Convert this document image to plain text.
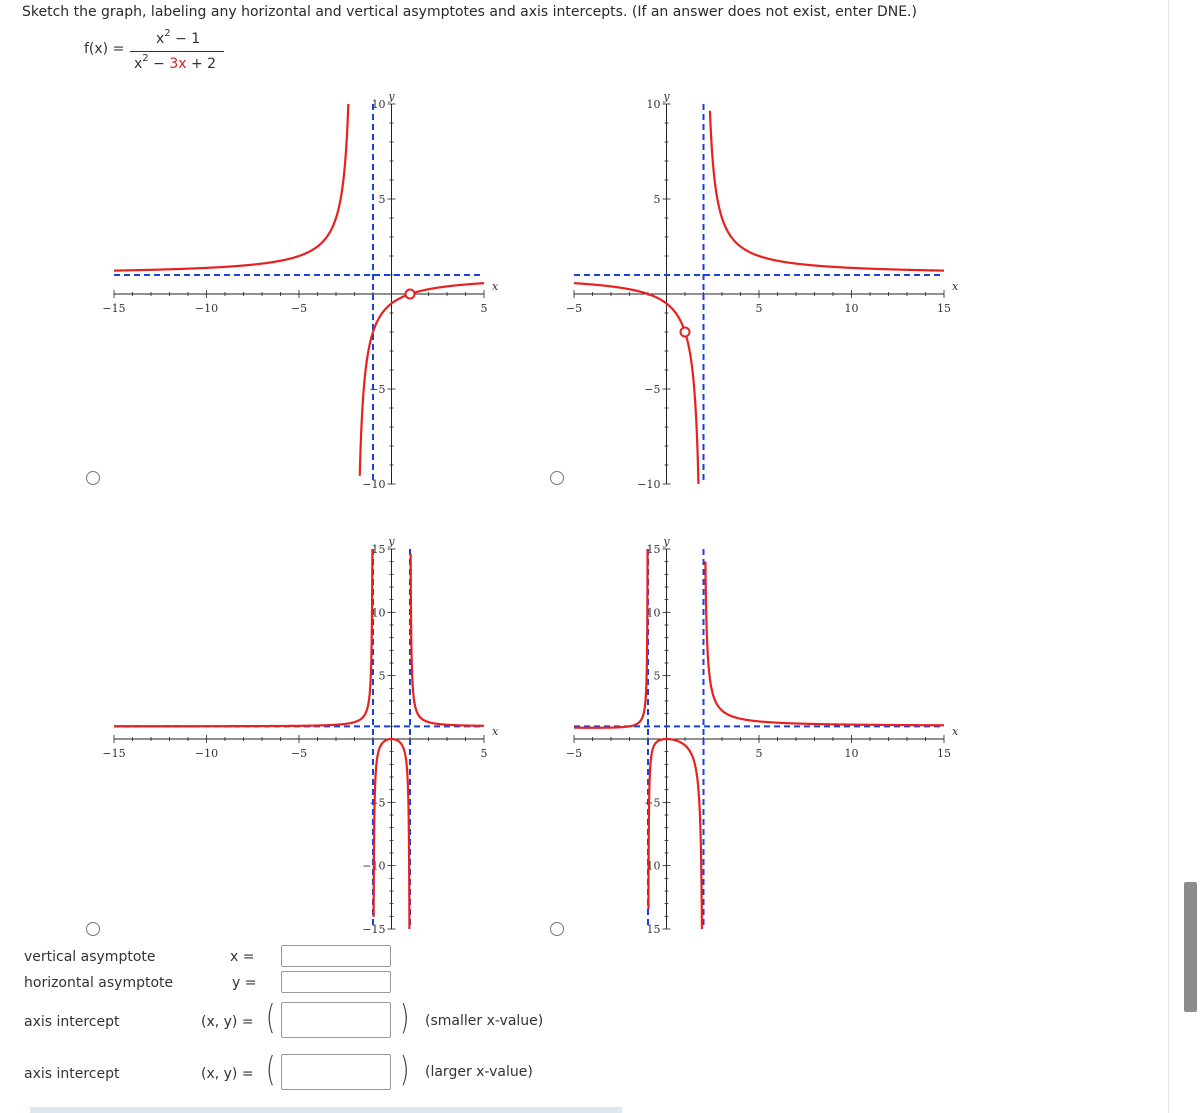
Sketch the graph, labeling any horizontal and vertical asymptotes and axis intercepts. (If an answer does not exist, enter DNE.)
f(x) =
$x^2 - 1$
$x^2 - 3x + 2$
−15	−10	−5	5
10
5
−5
−10
x
y
−5	5	10	15
10
5
−5
−10
x
y
−15	−10	−5	5
15
10
5
−5
−10
−15
x
y
−5	5	10	15
15
10
5
−5
10
15
x
y
vertical asymptote	x =
horizontal asymptote	y =
axis intercept	(x, y) = (	) (smaller x-value)
axis intercept	(x, y) = (	) (larger x-value)
